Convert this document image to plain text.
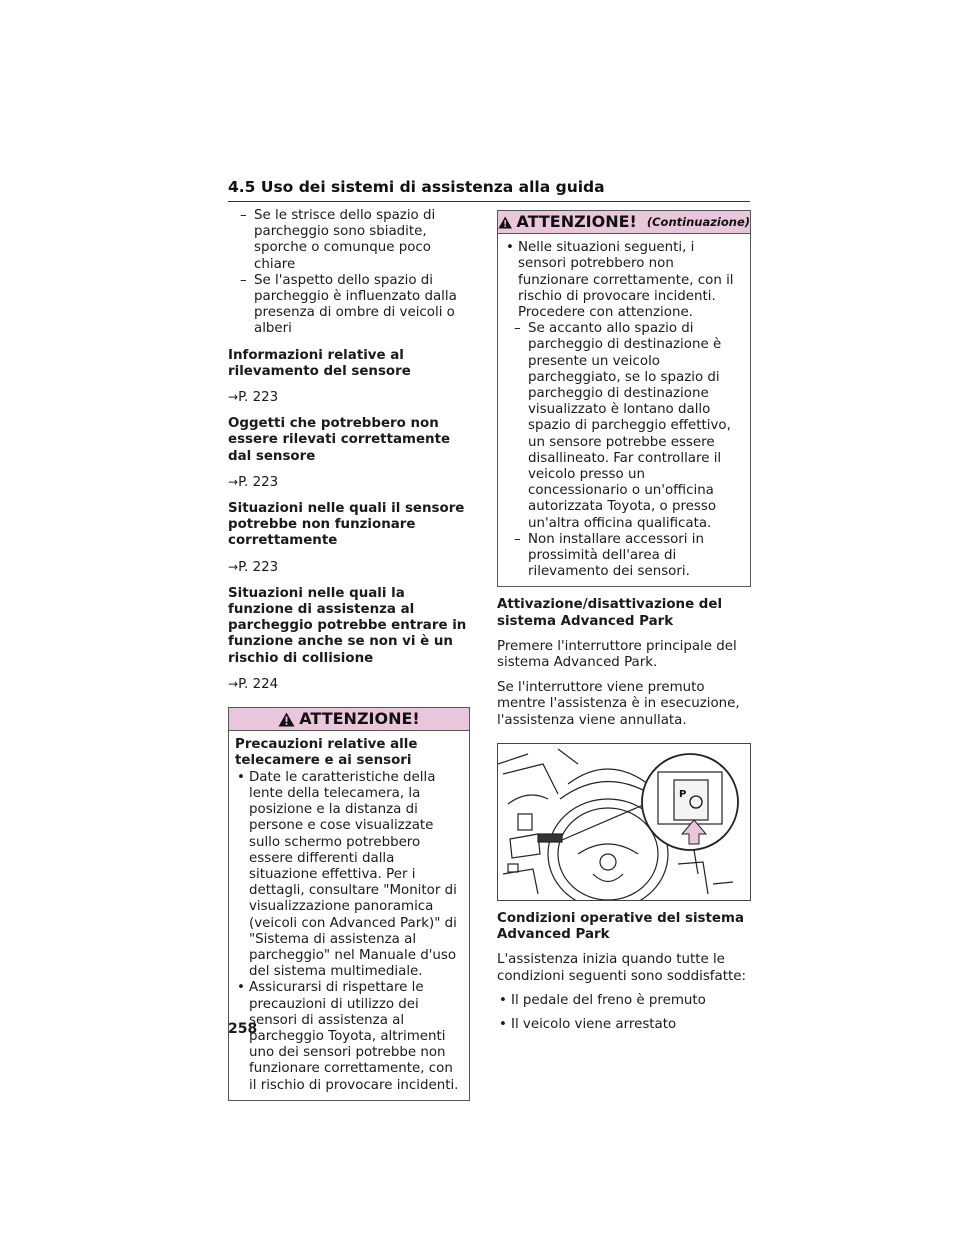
4.5 Uso dei sistemi di assistenza alla guida
– Se le strisce dello spazio di parcheggio sono sbiadite, sporche o comunque poco chiare
– Se l'aspetto dello spazio di parcheggio è influenzato dalla presenza di ombre di veicoli o alberi
Informazioni relative al rilevamento del sensore
→P. 223
Oggetti che potrebbero non essere rilevati correttamente dal sensore
→P. 223
Situazioni nelle quali il sensore potrebbe non funzionare correttamente
→P. 223
Situazioni nelle quali la funzione di assistenza al parcheggio potrebbe entrare in funzione anche se non vi è un rischio di collisione
→P. 224
ATTENZIONE!
Precauzioni relative alle telecamere e ai sensori
• Date le caratteristiche della lente della telecamera, la posizione e la distanza di persone e cose visualizzate sullo schermo potrebbero essere differenti dalla situazione effettiva. Per i dettagli, consultare "Monitor di visualizzazione panoramica (veicoli con Advanced Park)" di "Sistema di assistenza al parcheggio" nel Manuale d'uso del sistema multimediale.
• Assicurarsi di rispettare le precauzioni di utilizzo dei sensori di assistenza al parcheggio Toyota, altrimenti uno dei sensori potrebbe non funzionare correttamente, con il rischio di provocare incidenti.
ATTENZIONE! (Continuazione)
• Nelle situazioni seguenti, i sensori potrebbero non funzionare correttamente, con il rischio di provocare incidenti. Procedere con attenzione.
– Se accanto allo spazio di parcheggio di destinazione è presente un veicolo parcheggiato, se lo spazio di parcheggio di destinazione visualizzato è lontano dallo spazio di parcheggio effettivo, un sensore potrebbe essere disallineato. Far controllare il veicolo presso un concessionario o un'officina autorizzata Toyota, o presso un'altra officina qualificata.
– Non installare accessori in prossimità dell'area di rilevamento dei sensori.
Attivazione/disattivazione del sistema Advanced Park

Premere l'interruttore principale del sistema Advanced Park.

Se l'interruttore viene premuto mentre l'assistenza è in esecuzione, l'assistenza viene annullata.

P
Condizioni operative del sistema Advanced Park

L'assistenza inizia quando tutte le condizioni seguenti sono soddisfatte:

• Il pedale del freno è premuto
• Il veicolo viene arrestato
258
